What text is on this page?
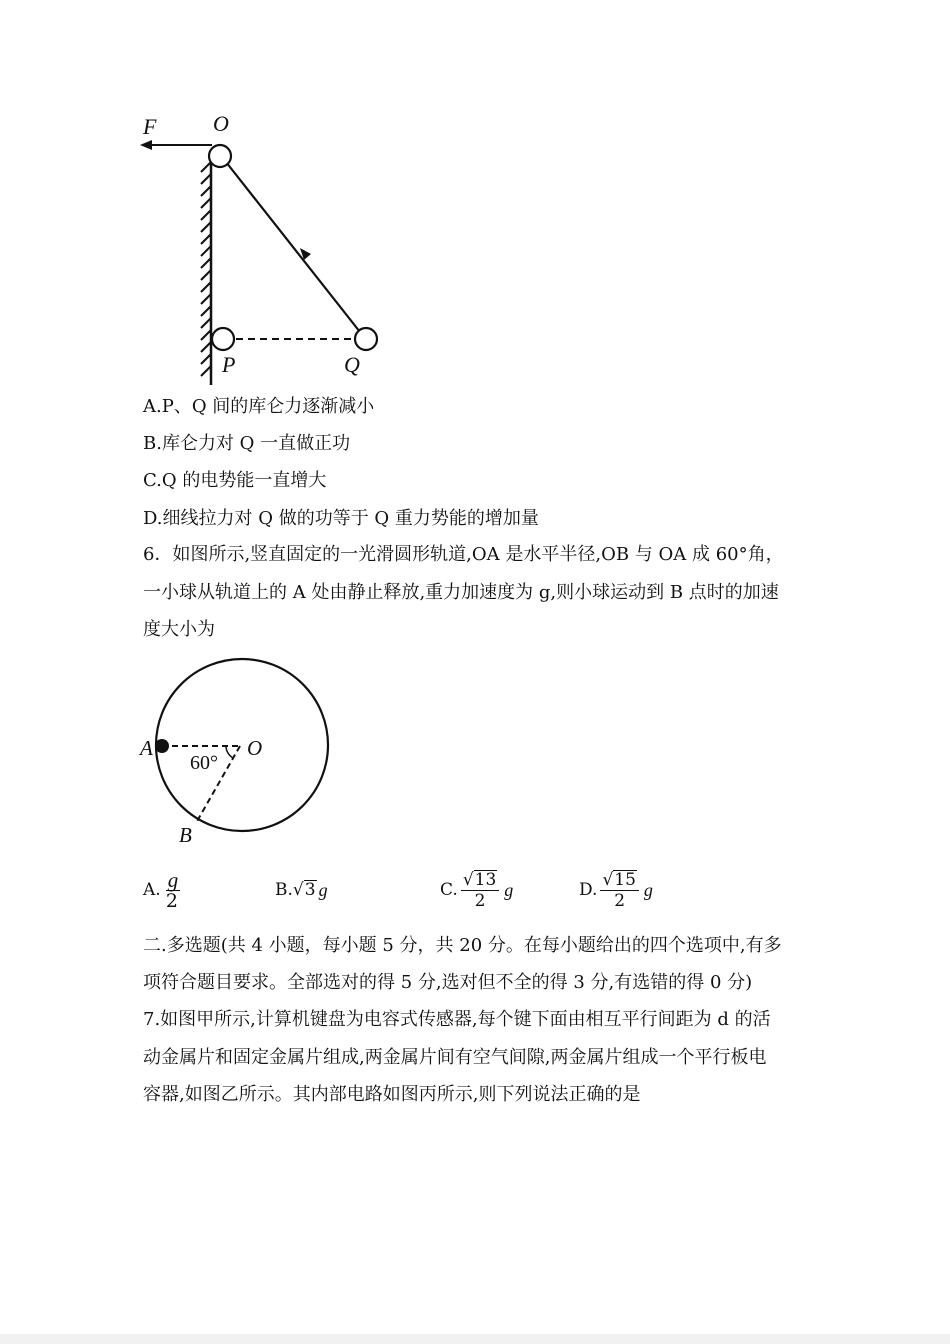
F	O
P	Q
A.P、Q 间的库仑力逐渐减小
B.库仑力对 Q 一直做正功
C.Q 的电势能一直增大
D.细线拉力对 Q 做的功等于 Q 重力势能的增加量
6．如图所示,竖直固定的一光滑圆形轨道,OA 是水平半径,OB 与 OA 成 60°角，
一小球从轨道上的 A 处由静止释放,重力加速度为 g,则小球运动到 B 点时的加速
度大小为
A	O
B
60°
A. $\frac{g}{2}$	B. √ 3 g	C. $\frac{√ 13}{2}$ g	D. $\frac{√ 15}{2}$ g
二.多选题(共 4 小题，每小题 5 分，共 20 分。在每小题给出的四个选项中,有多
项符合题目要求。全部选对的得 5 分,选对但不全的得 3 分,有选错的得 0 分)
7.如图甲所示,计算机键盘为电容式传感器,每个键下面由相互平行间距为 d 的活
动金属片和固定金属片组成,两金属片间有空气间隙,两金属片组成一个平行板电
容器,如图乙所示。其内部电路如图丙所示,则下列说法正确的是
